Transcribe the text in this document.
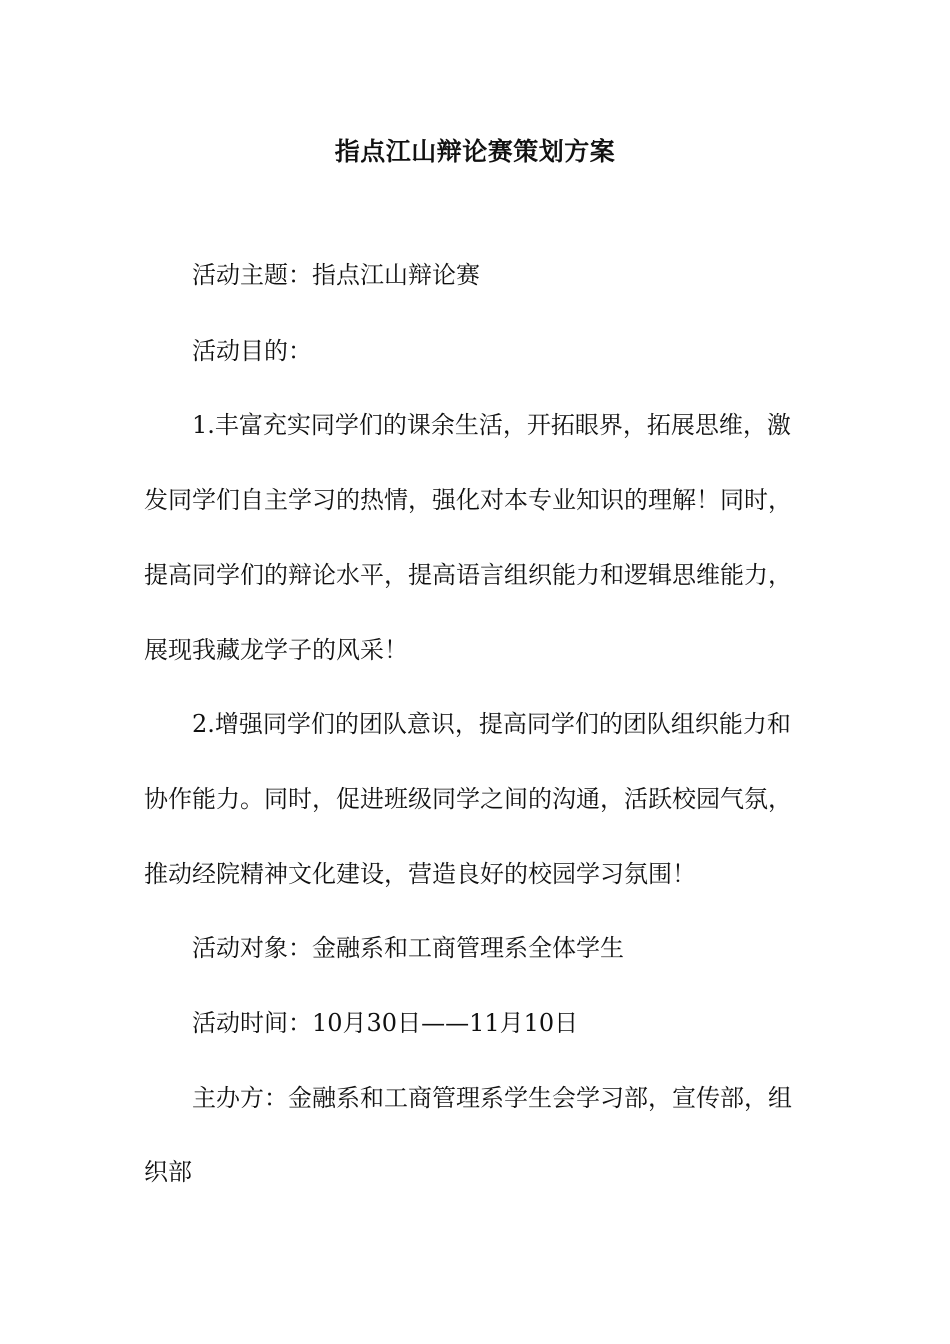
指点江山辩论赛策划方案
活动主题：指点江山辩论赛
活动目的：
1.丰富充实同学们的课余生活，开拓眼界，拓展思维，激
发同学们自主学习的热情，强化对本专业知识的理解！同时，
提高同学们的辩论水平，提高语言组织能力和逻辑思维能力，
展现我藏龙学子的风采！
2.增强同学们的团队意识，提高同学们的团队组织能力和
协作能力。同时，促进班级同学之间的沟通，活跃校园气氛，
推动经院精神文化建设，营造良好的校园学习氛围！
活动对象：金融系和工商管理系全体学生
活动时间：10月30日——11月10日
主办方：金融系和工商管理系学生会学习部，宣传部，组
织部
